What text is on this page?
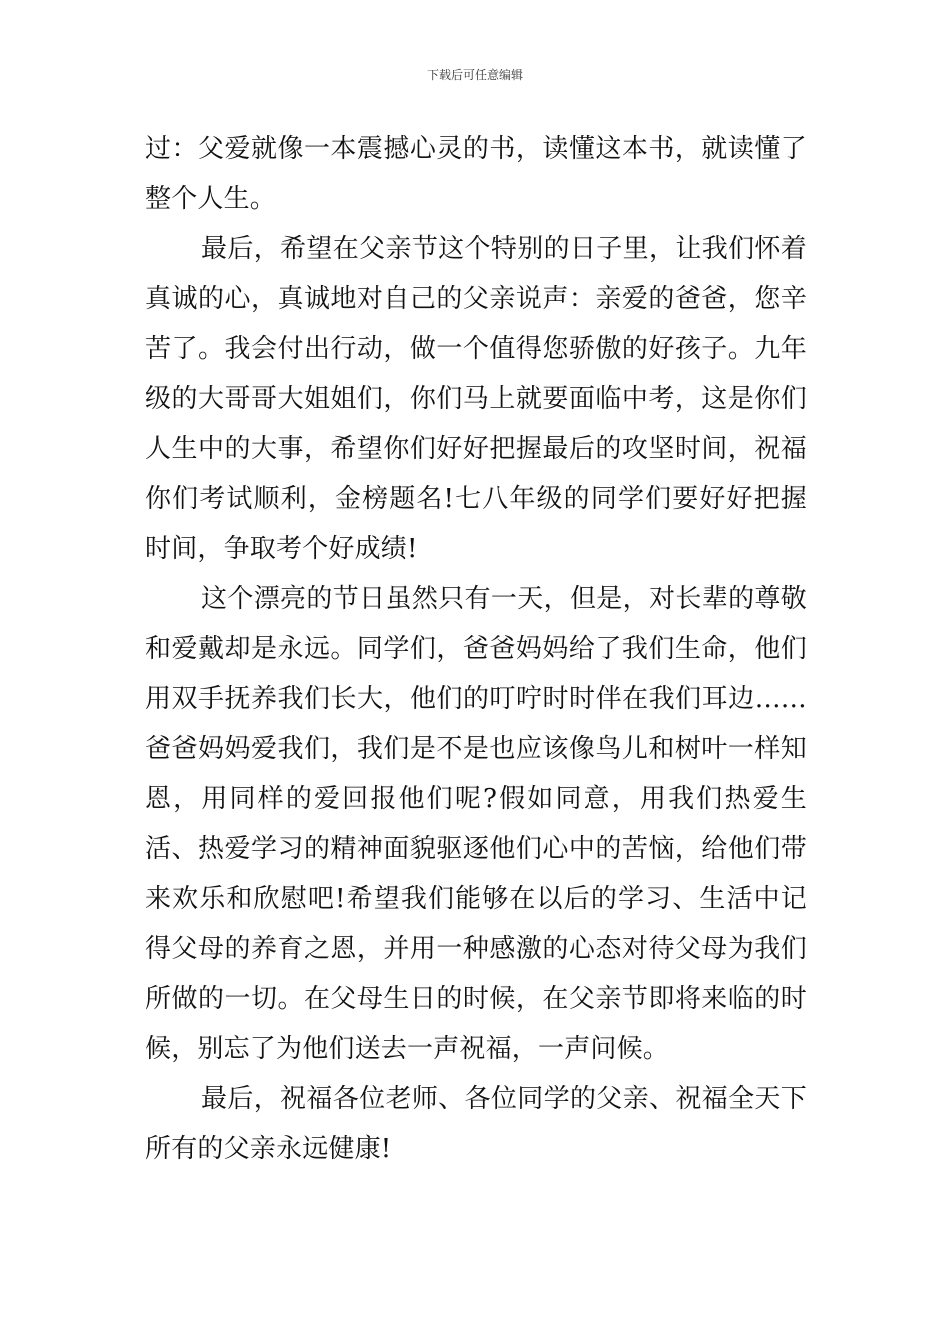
下载后可任意编辑

过：父爱就像一本震撼心灵的书，读懂这本书，就读懂了整个人生。

最后，希望在父亲节这个特别的日子里，让我们怀着真诚的心，真诚地对自己的父亲说声：亲爱的爸爸，您辛苦了。我会付出行动，做一个值得您骄傲的好孩子。九年级的大哥哥大姐姐们，你们马上就要面临中考，这是你们人生中的大事，希望你们好好把握最后的攻坚时间，祝福你们考试顺利，金榜题名!七八年级的同学们要好好把握时间，争取考个好成绩!

这个漂亮的节日虽然只有一天，但是，对长辈的尊敬和爱戴却是永远。同学们，爸爸妈妈给了我们生命，他们用双手抚养我们长大，他们的叮咛时时伴在我们耳边……爸爸妈妈爱我们，我们是不是也应该像鸟儿和树叶一样知恩，用同样的爱回报他们呢?假如同意，用我们热爱生活、热爱学习的精神面貌驱逐他们心中的苦恼，给他们带来欢乐和欣慰吧!希望我们能够在以后的学习、生活中记得父母的养育之恩，并用一种感激的心态对待父母为我们所做的一切。在父母生日的时候，在父亲节即将来临的时候，别忘了为他们送去一声祝福，一声问候。

最后，祝福各位老师、各位同学的父亲、祝福全天下所有的父亲永远健康!
